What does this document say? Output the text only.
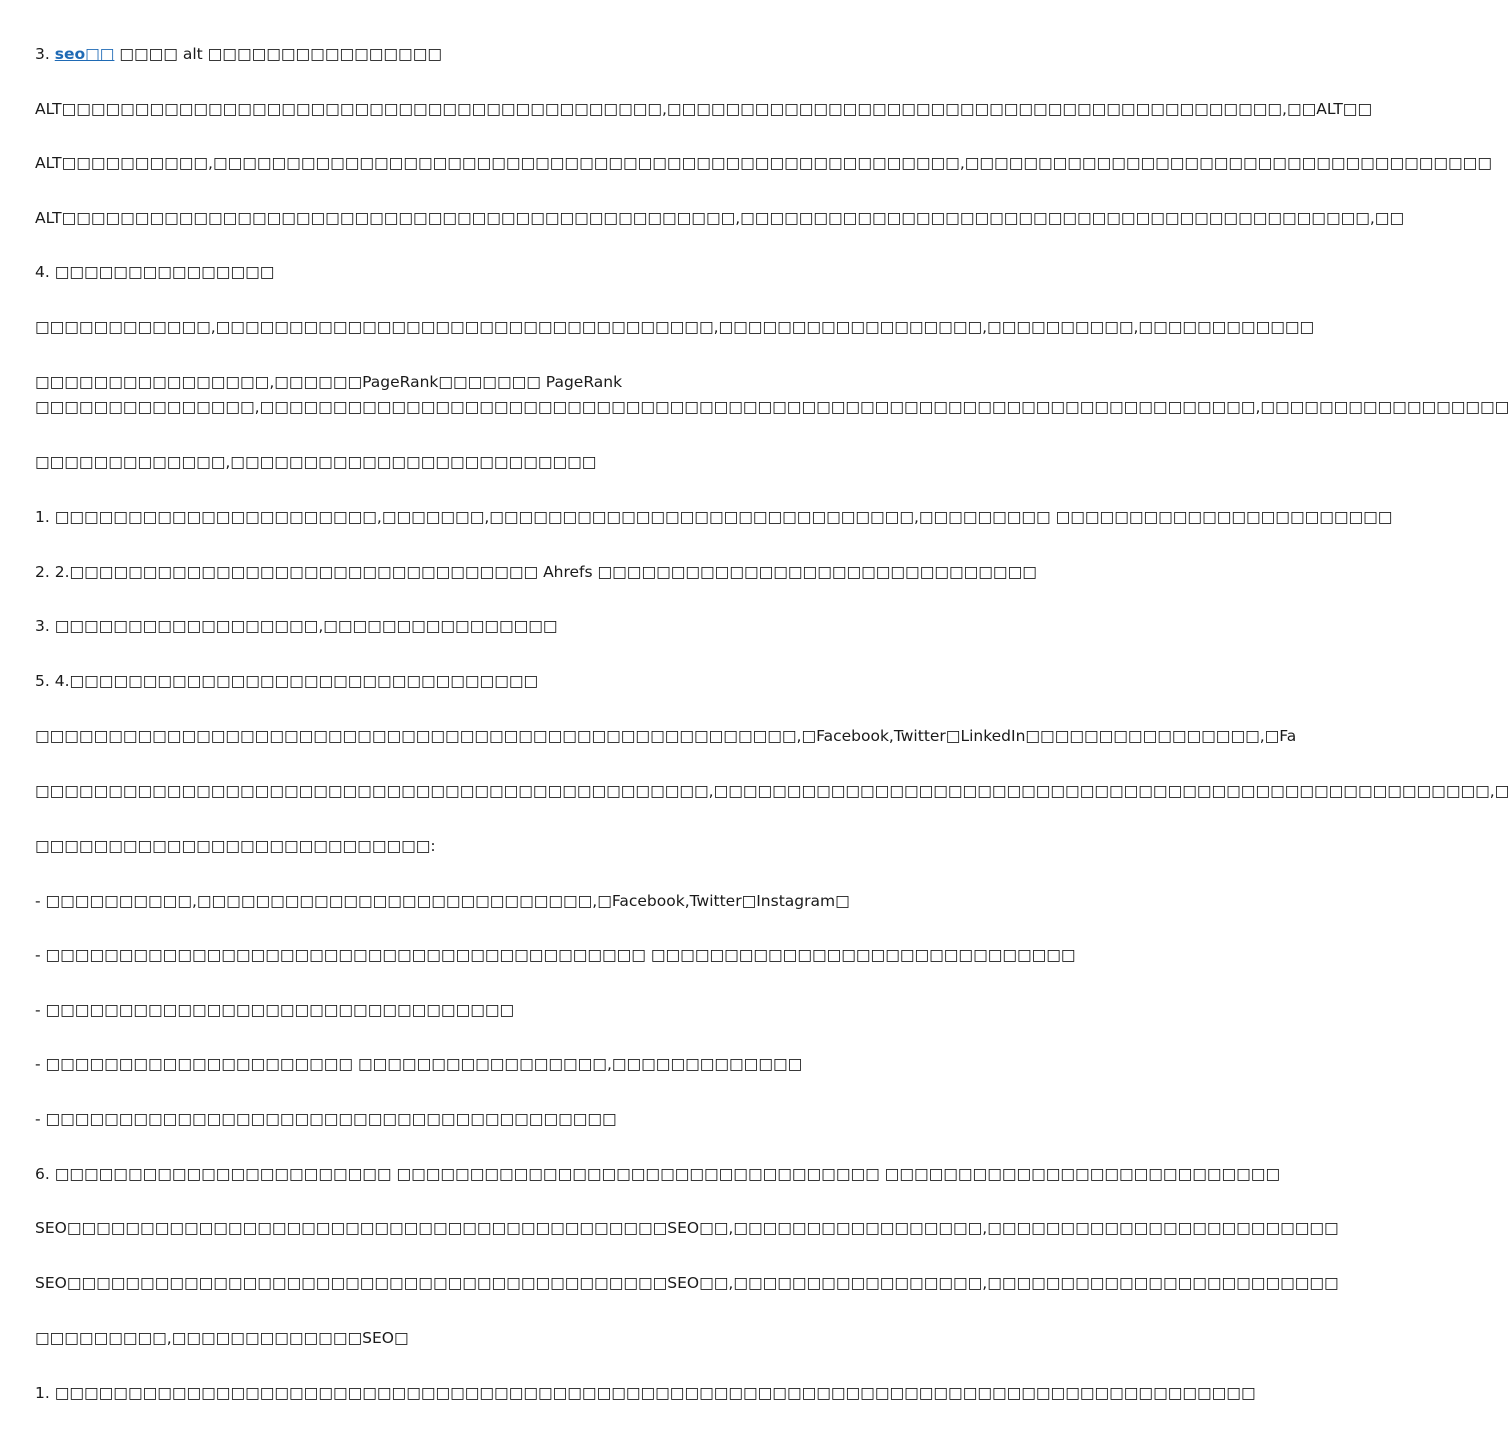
3. seo□□ □□□□ alt □□□□□□□□□□□□□□□□
ALT□□□□□□□□□□□□□□□□□□□□□□□□□□□□□□□□□□□□□□□□□,□□□□□□□□□□□□□□□□□□□□□□□□□□□□□□□□□□□□□□□□□□,□□ALT□□
ALT□□□□□□□□□□,□□□□□□□□□□□□□□□□□□□□□□□□□□□□□□□□□□□□□□□□□□□□□□□□□□□,□□□□□□□□□□□□□□□□□□□□□□□□□□□□□□□□□□□□
ALT□□□□□□□□□□□□□□□□□□□□□□□□□□□□□□□□□□□□□□□□□□□□□□,□□□□□□□□□□□□□□□□□□□□□□□□□□□□□□□□□□□□□□□□□□□,□□
4. □□□□□□□□□□□□□□□
□□□□□□□□□□□□,□□□□□□□□□□□□□□□□□□□□□□□□□□□□□□□□□□,□□□□□□□□□□□□□□□□□□,□□□□□□□□□□,□□□□□□□□□□□□
□□□□□□□□□□□□□□□□,□□□□□□PageRank□□□□□□□ PageRank
□□□□□□□□□□□□□□□,□□□□□□□□□□□□□□□□□□□□□□□□□□□□□□□□□□□□□□□□□□□□□□□□□□□□□□□□□□□□□□□□□□□□,□□□□□□□□□□□□□□□□□
□□□□□□□□□□□□□,□□□□□□□□□□□□□□□□□□□□□□□□□
1. □□□□□□□□□□□□□□□□□□□□□□,□□□□□□□,□□□□□□□□□□□□□□□□□□□□□□□□□□□□□,□□□□□□□□□ □□□□□□□□□□□□□□□□□□□□□□□
2. 2.□□□□□□□□□□□□□□□□□□□□□□□□□□□□□□□□ Ahrefs □□□□□□□□□□□□□□□□□□□□□□□□□□□□□□
3. □□□□□□□□□□□□□□□□□□,□□□□□□□□□□□□□□□□
5. 4.□□□□□□□□□□□□□□□□□□□□□□□□□□□□□□□□
□□□□□□□□□□□□□□□□□□□□□□□□□□□□□□□□□□□□□□□□□□□□□□□□□□□□,□Facebook,Twitter□LinkedIn□□□□□□□□□□□□□□□□,□Fa
□□□□□□□□□□□□□□□□□□□□□□□□□□□□□□□□□□□□□□□□□□□□□□,□□□□□□□□□□□□□□□□□□□□□□□□□□□□□□□□□□□□□□□□□□□□□□□□□□□□□,□
□□□□□□□□□□□□□□□□□□□□□□□□□□□:
- □□□□□□□□□□,□□□□□□□□□□□□□□□□□□□□□□□□□□□,□Facebook,Twitter□Instagram□
- □□□□□□□□□□□□□□□□□□□□□□□□□□□□□□□□□□□□□□□□□ □□□□□□□□□□□□□□□□□□□□□□□□□□□□□
- □□□□□□□□□□□□□□□□□□□□□□□□□□□□□□□□
- □□□□□□□□□□□□□□□□□□□□□ □□□□□□□□□□□□□□□□□,□□□□□□□□□□□□□
- □□□□□□□□□□□□□□□□□□□□□□□□□□□□□□□□□□□□□□□
6. □□□□□□□□□□□□□□□□□□□□□□□ □□□□□□□□□□□□□□□□□□□□□□□□□□□□□□□□□ □□□□□□□□□□□□□□□□□□□□□□□□□□□
SEO□□□□□□□□□□□□□□□□□□□□□□□□□□□□□□□□□□□□□□□□□SEO□□,□□□□□□□□□□□□□□□□□,□□□□□□□□□□□□□□□□□□□□□□□□
SEO□□□□□□□□□□□□□□□□□□□□□□□□□□□□□□□□□□□□□□□□□SEO□□,□□□□□□□□□□□□□□□□□,□□□□□□□□□□□□□□□□□□□□□□□□
□□□□□□□□□,□□□□□□□□□□□□□SEO□
1. □□□□□□□□□□□□□□□□□□□□□□□□□□□□□□□□□□□□□□□□□□□□□□□□□□□□□□□□□□□□□□□□□□□□□□□□□□□□□□□□□□
